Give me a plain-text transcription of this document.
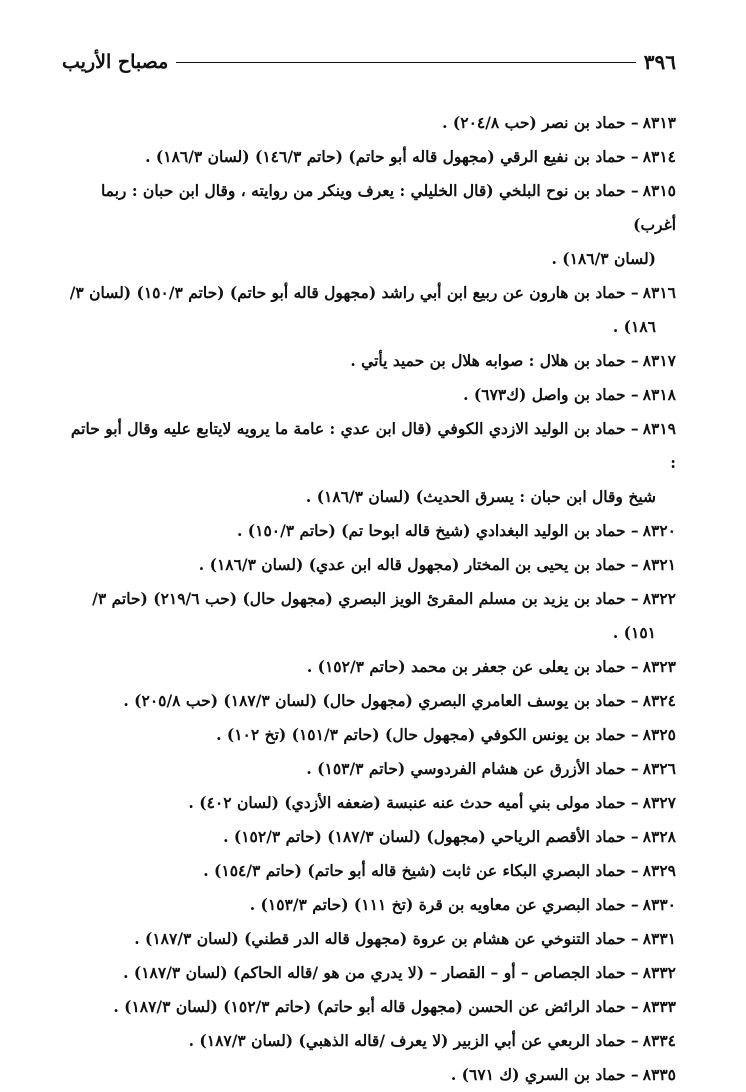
٣٩٦
مصباح الأريب
٨٣١٣– حماد بن نصر (حب ٢٠٤/٨) .
٨٣١٤– حماد بن نفيع الرقي (مجهول قاله أبو حاتم) (حاتم ١٤٦/٣) (لسان ١٨٦/٣) .
٨٣١٥– حماد بن نوح البلخي (قال الخليلي : يعرف وينكر من روايته ، وقال ابن حبان : ربما أغرب)
(لسان ١٨٦/٣) .
٨٣١٦– حماد بن هارون عن ربيع ابن أبي راشد (مجهول قاله أبو حاتم) (حاتم ١٥٠/٣) (لسان ٣/
١٨٦) .
٨٣١٧– حماد بن هلال : صوابه هلال بن حميد يأتي .
٨٣١٨– حماد بن واصل (ك٦٧٣) .
٨٣١٩– حماد بن الوليد الازدي الكوفي (قال ابن عدي : عامة ما يرويه لايتابع عليه وقال أبو حاتم :
شيخ وقال ابن حبان : يسرق الحديث) (لسان ١٨٦/٣) .
٨٣٢٠– حماد بن الوليد البغدادي (شيخ قاله ابوحا تم) (حاتم ١٥٠/٣) .
٨٣٢١– حماد بن يحيى بن المختار (مجهول قاله ابن عدي) (لسان ١٨٦/٣) .
٨٣٢٢– حماد بن يزيد بن مسلم المقرئ الويز البصري (مجهول حال) (حب ٢١٩/٦) (حاتم ٣/
١٥١) .
٨٣٢٣– حماد بن يعلى عن جعفر بن محمد (حاتم ١٥٢/٣) .
٨٣٢٤– حماد بن يوسف العامري البصري (مجهول حال) (لسان ١٨٧/٣) (حب ٢٠٥/٨) .
٨٣٢٥– حماد بن يونس الكوفي (مجهول حال) (حاتم ١٥١/٣) (تخ ١٠٢) .
٨٣٢٦– حماد الأزرق عن هشام الفردوسي (حاتم ١٥٣/٣) .
٨٣٢٧– حماد مولى بني أميه حدث عنه عنبسة (ضعفه الأزدي) (لسان ٤٠٢) .
٨٣٢٨– حماد الأقصم الرياحي (مجهول) (لسان ١٨٧/٣) (حاتم ١٥٢/٣) .
٨٣٢٩– حماد البصري البكاء عن ثابت (شيخ قاله أبو حاتم) (حاتم ١٥٤/٣) .
٨٣٣٠– حماد البصري عن معاويه بن قرة (تخ ١١١) (حاتم ١٥٣/٣) .
٨٣٣١– حماد التنوخي عن هشام بن عروة (مجهول قاله الدر قطني) (لسان ١٨٧/٣) .
٨٣٣٢– حماد الجصاص – أو – القصار – (لا يدري من هو /قاله الحاكم) (لسان ١٨٧/٣) .
٨٣٣٣– حماد الرائض عن الحسن (مجهول قاله أبو حاتم) (حاتم ١٥٢/٣) (لسان ١٨٧/٣) .
٨٣٣٤– حماد الربعي عن أبي الزبير (لا يعرف /قاله الذهبي) (لسان ١٨٧/٣) .
٨٣٣٥– حماد بن السري (ك ٦٧١) .
